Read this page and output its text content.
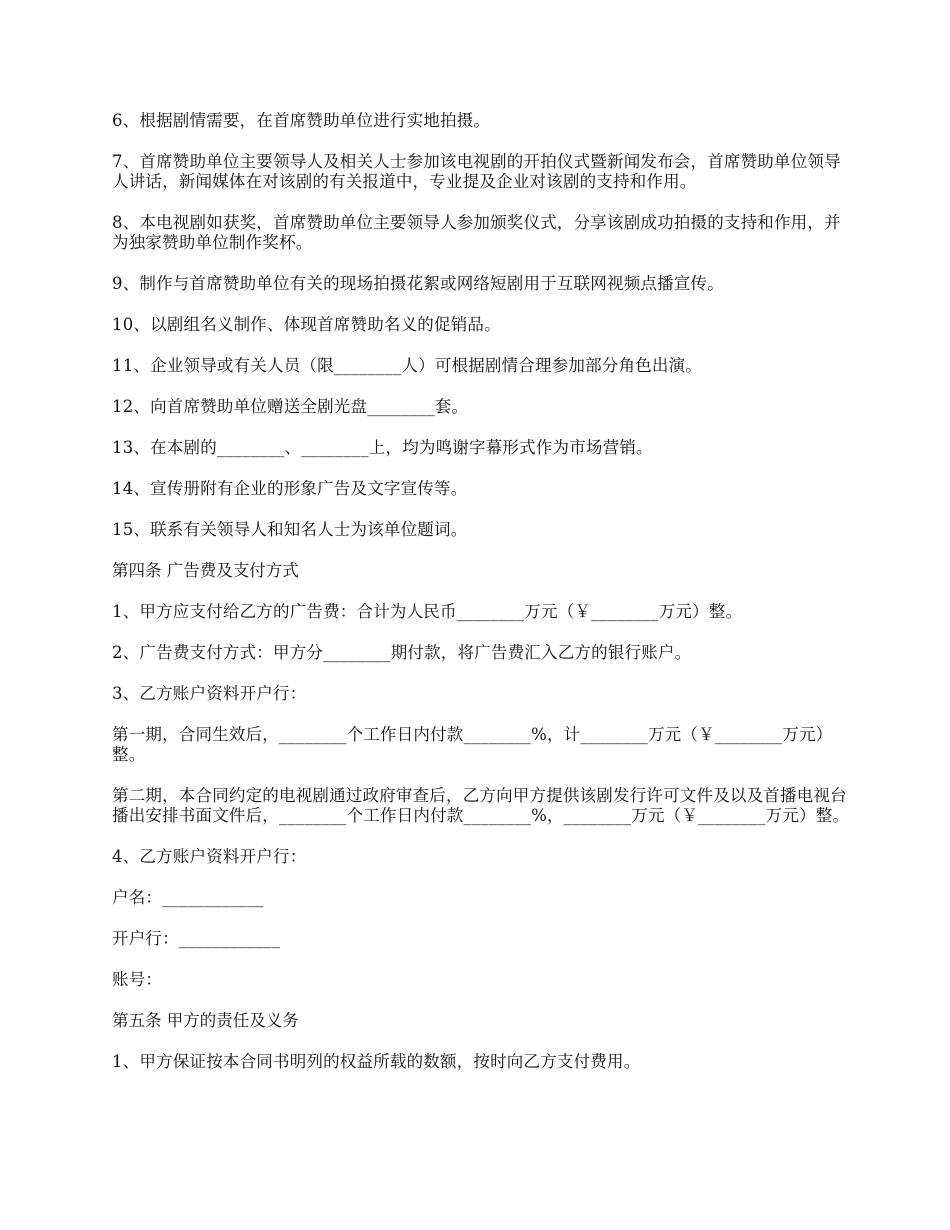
6、根据剧情需要，在首席赞助单位进行实地拍摄。

7、首席赞助单位主要领导人及相关人士参加该电视剧的开拍仪式暨新闻发布会，首席赞助单位领导人讲话，新闻媒体在对该剧的有关报道中，专业提及企业对该剧的支持和作用。

8、本电视剧如获奖，首席赞助单位主要领导人参加颁奖仪式，分享该剧成功拍摄的支持和作用，并为独家赞助单位制作奖杯。

9、制作与首席赞助单位有关的现场拍摄花絮或网络短剧用于互联网视频点播宣传。

10、以剧组名义制作、体现首席赞助名义的促销品。

11、企业领导或有关人员（限________人）可根据剧情合理参加部分角色出演。

12、向首席赞助单位赠送全剧光盘________套。

13、在本剧的________、________上，均为鸣谢字幕形式作为市场营销。

14、宣传册附有企业的形象广告及文字宣传等。

15、联系有关领导人和知名人士为该单位题词。

第四条 广告费及支付方式

1、甲方应支付给乙方的广告费：合计为人民币________万元（￥________万元）整。

2、广告费支付方式：甲方分________期付款，将广告费汇入乙方的银行账户。

3、乙方账户资料开户行：

第一期，合同生效后，________个工作日内付款________%，计________万元（￥________万元）整。

第二期，本合同约定的电视剧通过政府审查后，乙方向甲方提供该剧发行许可文件及以及首播电视台播出安排书面文件后，________个工作日内付款________%，________万元（￥________万元）整。

4、乙方账户资料开户行：

户名：____________

开户行：____________

账号：

第五条 甲方的责任及义务

1、甲方保证按本合同书明列的权益所载的数额，按时向乙方支付费用。
